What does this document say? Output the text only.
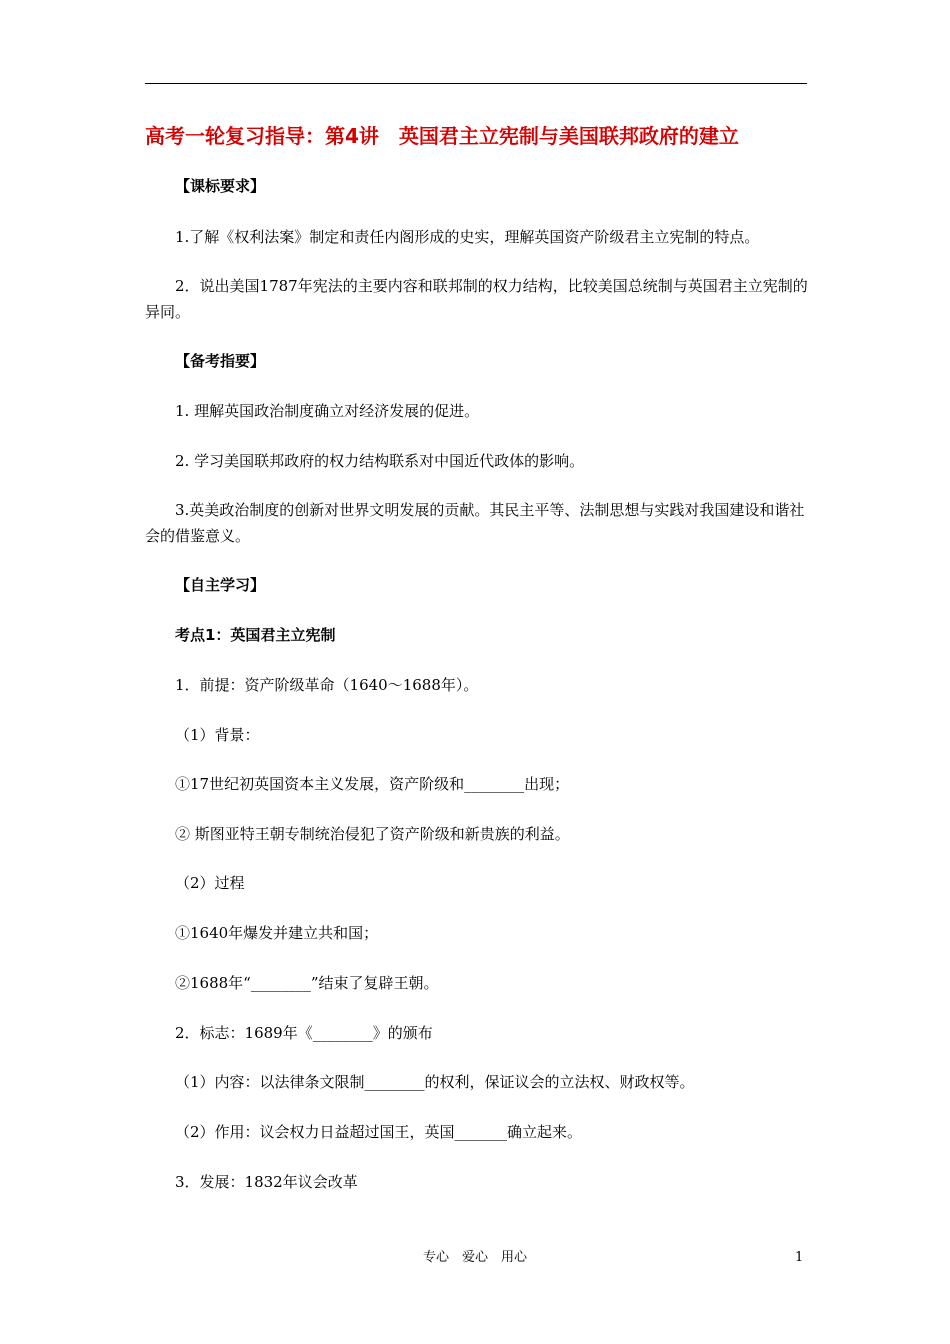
高考一轮复习指导：第4讲　英国君主立宪制与美国联邦政府的建立
【课标要求】
1.了解《权利法案》制定和责任内阁形成的史实，理解英国资产阶级君主立宪制的特点。
2．说出美国1787年宪法的主要内容和联邦制的权力结构，比较美国总统制与英国君主立宪制的异同。
【备考指要】
1. 理解英国政治制度确立对经济发展的促进。
2. 学习美国联邦政府的权力结构联系对中国近代政体的影响。
3.英美政治制度的创新对世界文明发展的贡献。其民主平等、法制思想与实践对我国建设和谐社会的借鉴意义。
【自主学习】
考点1：英国君主立宪制
1．前提：资产阶级革命（1640～1688年）。
（1）背景：
①17世纪初英国资本主义发展，资产阶级和________出现；
② 斯图亚特王朝专制统治侵犯了资产阶级和新贵族的利益。
（2）过程
①1640年爆发并建立共和国；
②1688年“________”结束了复辟王朝。
2．标志：1689年《________》的颁布
（1）内容：以法律条文限制________的权利，保证议会的立法权、财政权等。
（2）作用：议会权力日益超过国王，英国_______确立起来。
3．发展：1832年议会改革
专心　爱心　用心	1
